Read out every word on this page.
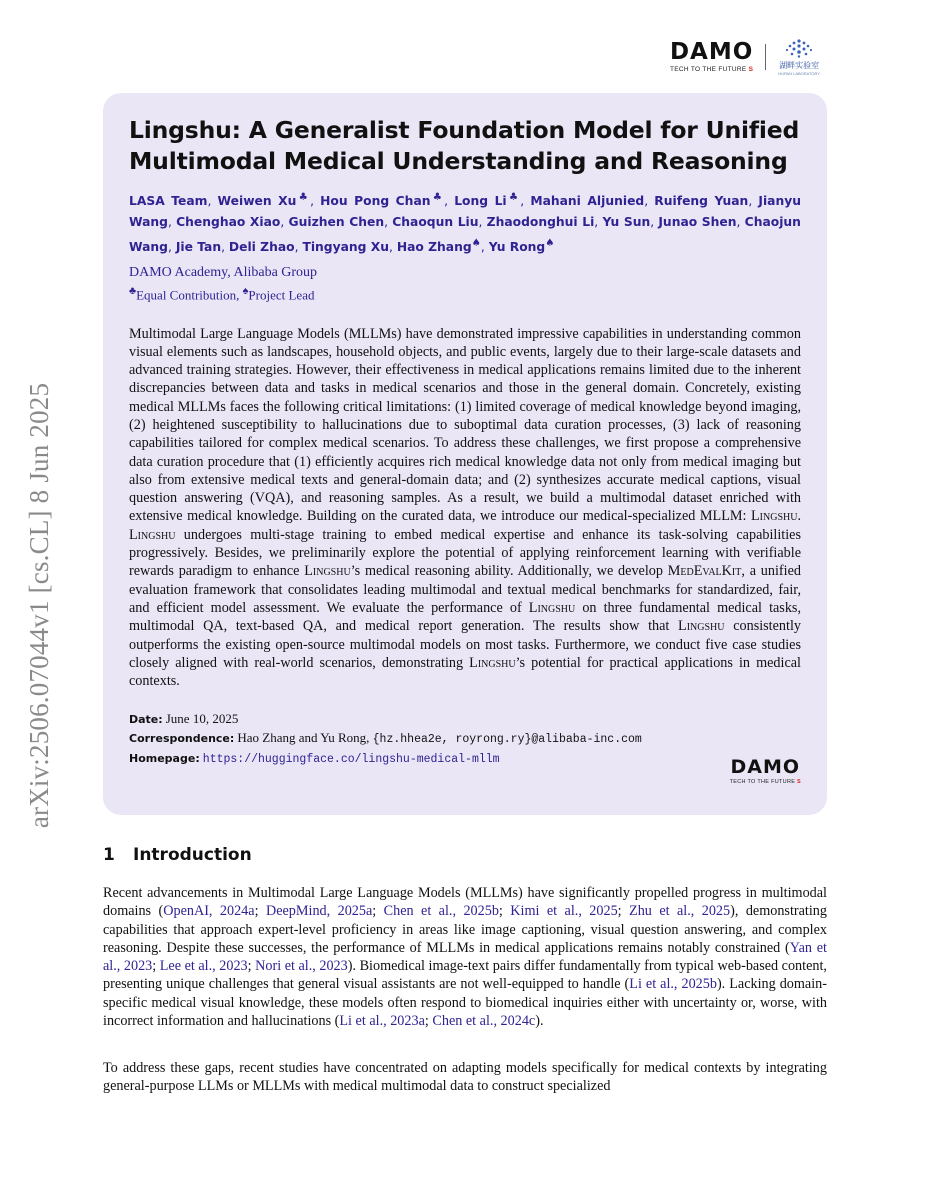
arXiv:2506.07044v1 [cs.CL] 8 Jun 2025
DAMO
TECH TO THE FUTURE S	湖畔实验室
HUPAN LABORATORY
Lingshu: A Generalist Foundation Model for Unified Multimodal Medical Understanding and Reasoning
LASA Team, Weiwen Xu♣, Hou Pong Chan♣, Long Li♣, Mahani Aljunied, Ruifeng Yuan, Jianyu Wang, Chenghao Xiao, Guizhen Chen, Chaoqun Liu, Zhaodonghui Li, Yu Sun, Junao Shen, Chaojun Wang, Jie Tan, Deli Zhao, Tingyang Xu, Hao Zhang♠, Yu Rong♠
DAMO Academy, Alibaba Group
♣Equal Contribution, ♠Project Lead

Multimodal Large Language Models (MLLMs) have demonstrated impressive capabilities in understanding common visual elements such as landscapes, household objects, and public events, largely due to their large-scale datasets and advanced training strategies. However, their effectiveness in medical applications remains limited due to the inherent discrepancies between data and tasks in medical scenarios and those in the general domain. Concretely, existing medical MLLMs faces the following critical limitations: (1) limited coverage of medical knowledge beyond imaging, (2) heightened susceptibility to hallucinations due to suboptimal data curation processes, (3) lack of reasoning capabilities tailored for complex medical scenarios. To address these challenges, we first propose a comprehensive data curation procedure that (1) efficiently acquires rich medical knowledge data not only from medical imaging but also from extensive medical texts and general-domain data; and (2) synthesizes accurate medical captions, visual question answering (VQA), and reasoning samples. As a result, we build a multimodal dataset enriched with extensive medical knowledge. Building on the curated data, we introduce our medical-specialized MLLM: Lingshu. Lingshu undergoes multi-stage training to embed medical expertise and enhance its task-solving capabilities progressively. Besides, we preliminarily explore the potential of applying reinforcement learning with verifiable rewards paradigm to enhance Lingshu’s medical reasoning ability. Additionally, we develop MedEvalKit, a unified evaluation framework that consolidates leading multimodal and textual medical benchmarks for standardized, fair, and efficient model assessment. We evaluate the performance of Lingshu on three fundamental medical tasks, multimodal QA, text-based QA, and medical report generation. The results show that Lingshu consistently outperforms the existing open-source multimodal models on most tasks. Furthermore, we conduct five case studies closely aligned with real-world scenarios, demonstrating Lingshu’s potential for practical applications in medical contexts.

Date: June 10, 2025
Correspondence: Hao Zhang and Yu Rong, {hz.hhea2e, royrong.ry}@alibaba-inc.com
Homepage: https://huggingface.co/lingshu-medical-mllm	DAMO
TECH TO THE FUTURE S
1 Introduction

Recent advancements in Multimodal Large Language Models (MLLMs) have significantly propelled progress in multimodal domains (OpenAI, 2024a; DeepMind, 2025a; Chen et al., 2025b; Kimi et al., 2025; Zhu et al., 2025), demonstrating capabilities that approach expert-level proficiency in areas like image captioning, visual question answering, and complex reasoning. Despite these successes, the performance of MLLMs in medical applications remains notably constrained (Yan et al., 2023; Lee et al., 2023; Nori et al., 2023). Biomedical image-text pairs differ fundamentally from typical web-based content, presenting unique challenges that general visual assistants are not well-equipped to handle (Li et al., 2025b). Lacking domain-specific medical visual knowledge, these models often respond to biomedical inquiries either with uncertainty or, worse, with incorrect information and hallucinations (Li et al., 2023a; Chen et al., 2024c).

To address these gaps, recent studies have concentrated on adapting models specifically for medical contexts by integrating general-purpose LLMs or MLLMs with medical multimodal data to construct specialized
